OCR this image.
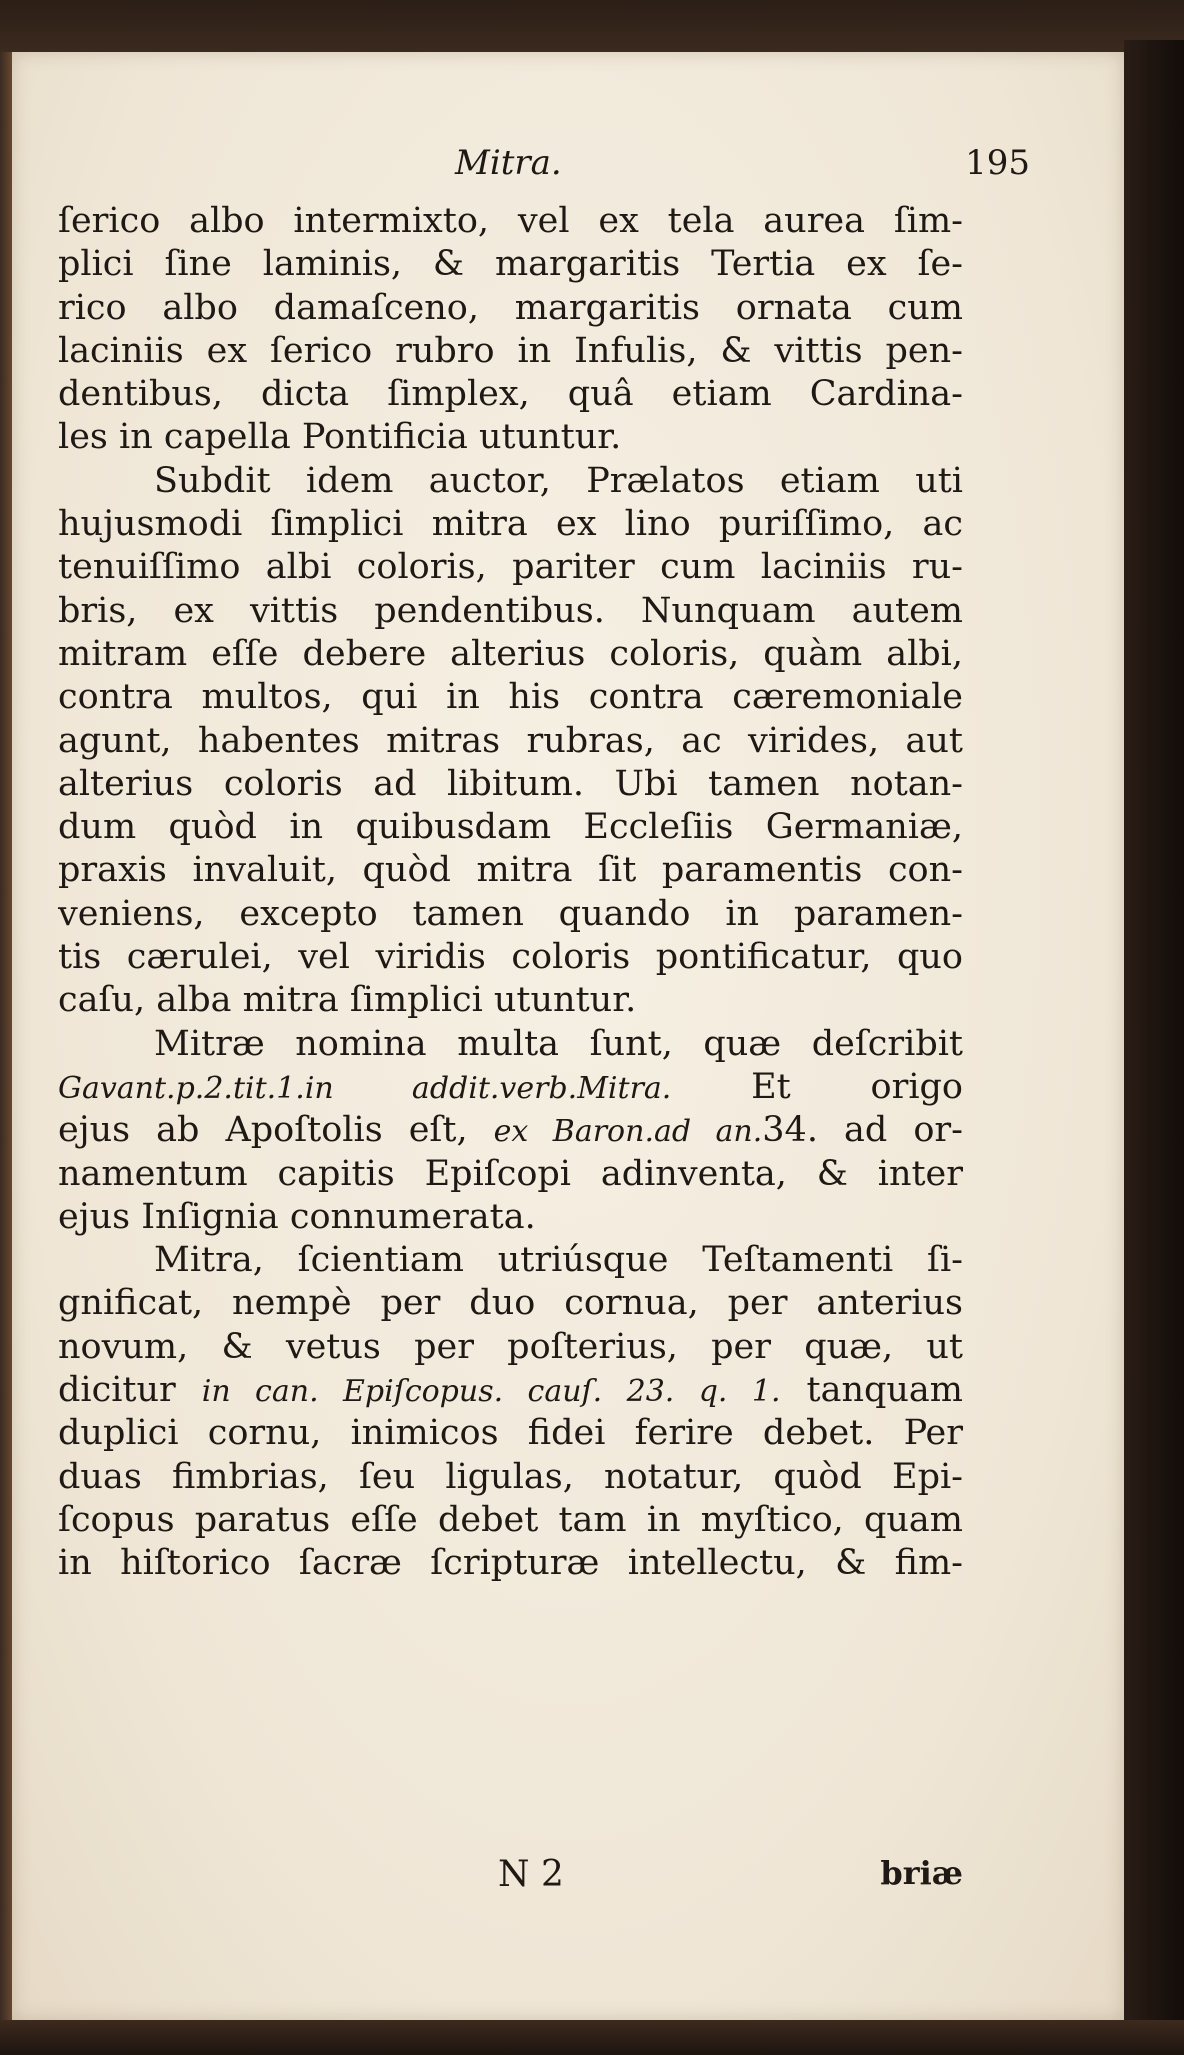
Mitra.	195
ſerico albo intermixto, vel ex tela aurea ſim-
plici ſine laminis, & margaritis Tertia ex ſe-
rico albo damaſceno, margaritis ornata cum
laciniis ex ſerico rubro in Infulis, & vittis pen-
dentibus, dicta ſimplex, quâ etiam Cardina-
les in capella Pontificia utuntur.
Subdit idem auctor, Prælatos etiam uti
hujusmodi ſimplici mitra ex lino puriſſimo, ac
tenuiſſimo albi coloris, pariter cum laciniis ru-
bris, ex vittis pendentibus. Nunquam autem
mitram eſſe debere alterius coloris, quàm albi,
contra multos, qui in his contra cæremoniale
agunt, habentes mitras rubras, ac virides, aut
alterius coloris ad libitum. Ubi tamen notan-
dum quòd in quibusdam Eccleſiis Germaniæ,
praxis invaluit, quòd mitra ſit paramentis con-
veniens, excepto tamen quando in paramen-
tis cærulei, vel viridis coloris pontificatur, quo
caſu, alba mitra ſimplici utuntur.
Mitræ nomina multa ſunt, quæ deſcribit
Gavant.p.2.tit.1.in addit.verb.Mitra. Et origo
ejus ab Apoſtolis eſt, ex Baron.ad an.34. ad or-
namentum capitis Epiſcopi adinventa, & inter
ejus Inſignia connumerata.
Mitra, ſcientiam utriúsque Teſtamenti ſi-
gnificat, nempè per duo cornua, per anterius
novum, & vetus per poſterius, per quæ, ut
dicitur in can. Epiſcopus. cauſ. 23. q. 1. tanquam
duplici cornu, inimicos fidei ferire debet. Per
duas fimbrias, ſeu ligulas, notatur, quòd Epi-
ſcopus paratus eſſe debet tam in myſtico, quam
in hiſtorico ſacræ ſcripturæ intellectu, & fim-
N 2	briæ
